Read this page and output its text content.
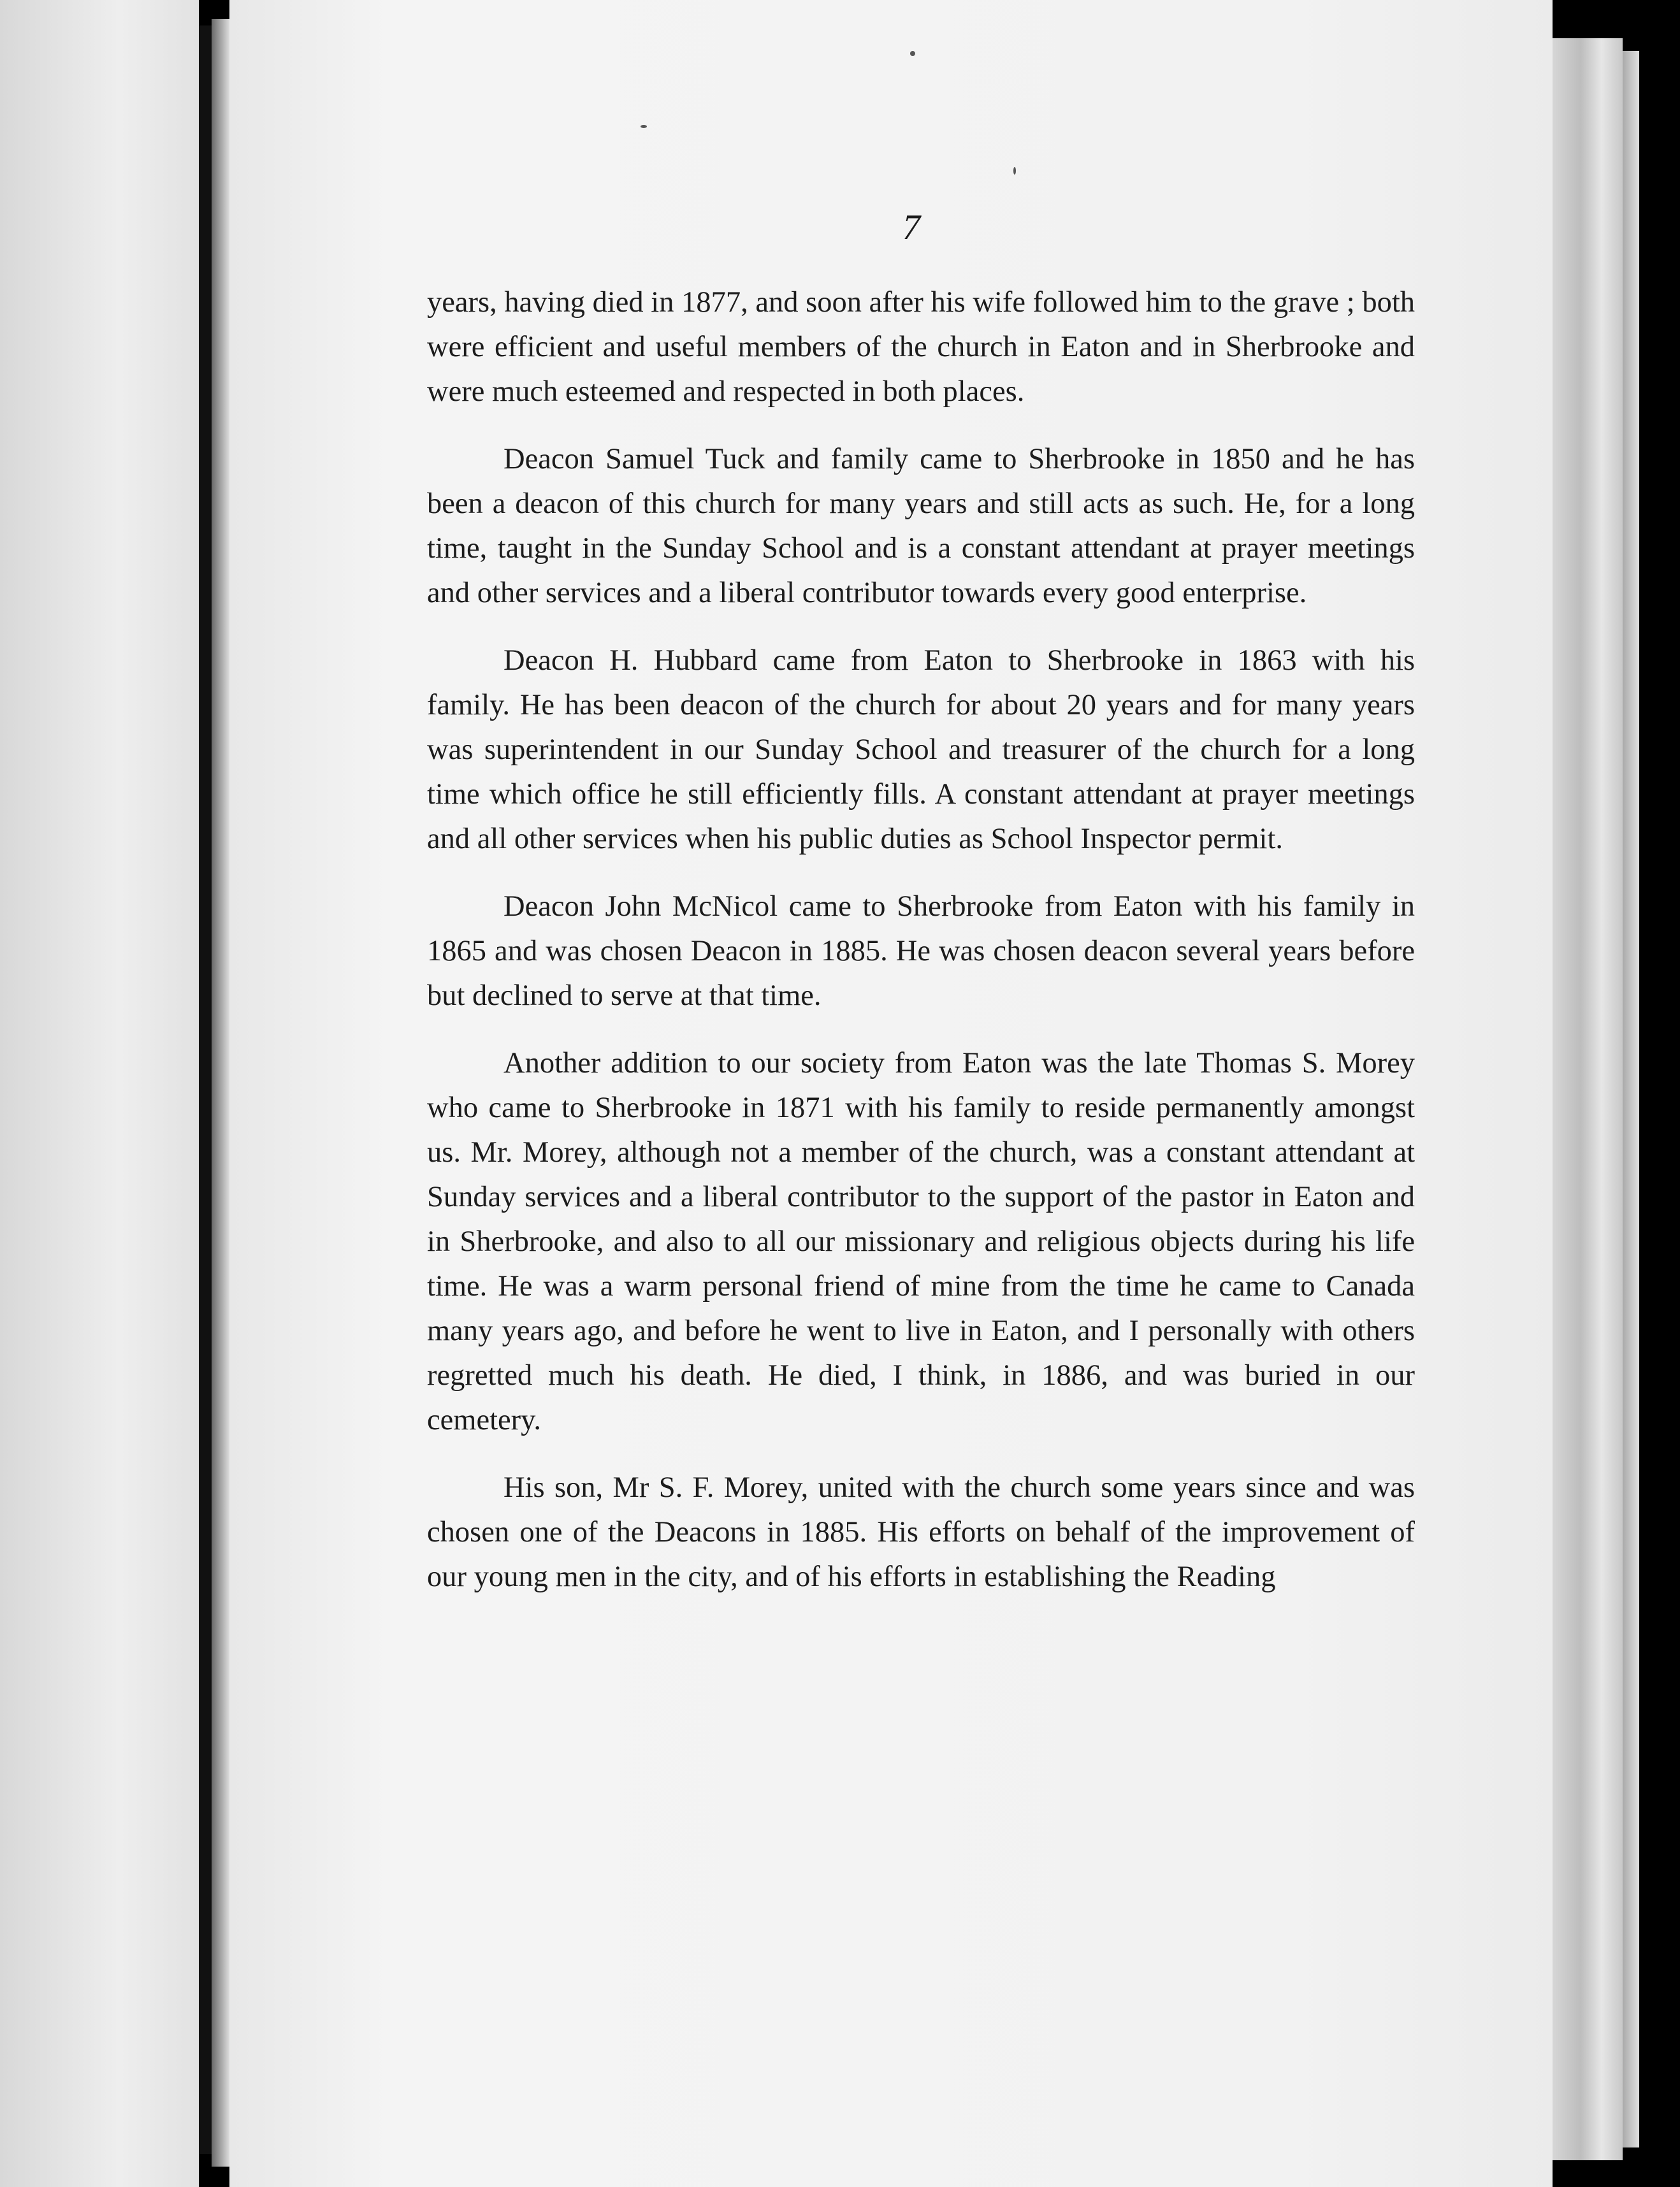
7

years, having died in 1877, and soon after his wife followed him to the grave ; both were efficient and useful members of the church in Eaton and in Sherbrooke and were much esteemed and respected in both places.

Deacon Samuel Tuck and family came to Sherbrooke in 1850 and he has been a deacon of this church for many years and still acts as such. He, for a long time, taught in the Sunday School and is a constant attendant at prayer meetings and other services and a liberal contributor towards every good enterprise.

Deacon H. Hubbard came from Eaton to Sherbrooke in 1863 with his family. He has been deacon of the church for about 20 years and for many years was superintendent in our Sunday School and treasurer of the church for a long time which office he still efficiently fills. A constant attendant at prayer meetings and all other services when his public duties as School Inspector permit.

Deacon John McNicol came to Sherbrooke from Eaton with his family in 1865 and was chosen Deacon in 1885. He was chosen deacon several years before but declined to serve at that time.

Another addition to our society from Eaton was the late Thomas S. Morey who came to Sherbrooke in 1871 with his family to reside permanently amongst us. Mr. Morey, although not a member of the church, was a constant attendant at Sunday services and a liberal contributor to the support of the pastor in Eaton and in Sherbrooke, and also to all our missionary and religious objects during his life time. He was a warm personal friend of mine from the time he came to Canada many years ago, and before he went to live in Eaton, and I personally with others regretted much his death. He died, I think, in 1886, and was buried in our cemetery.

His son, Mr S. F. Morey, united with the church some years since and was chosen one of the Deacons in 1885. His efforts on behalf of the improvement of our young men in the city, and of his efforts in establishing the Reading
